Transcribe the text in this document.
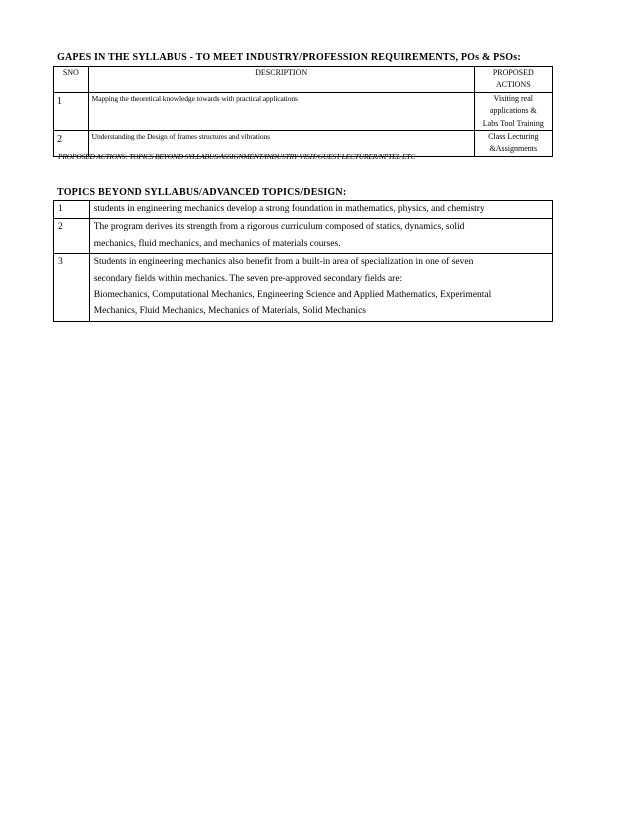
GAPES IN THE SYLLABUS - TO MEET INDUSTRY/PROFESSION REQUIREMENTS, POs & PSOs:
SNO	DESCRIPTION	PROPOSED
ACTIONS

1	Mapping the theoretical knowledge towards with practical applications	Visiting real
applications &
Labs Tool Training

2	Understanding the Design of frames structures and vibrations	Class Lecturing
&Assignments
PROPOSED ACTIONS: TOPICS BEYOND SYLLABUS/ASSIGNMENT/INDUSTRY VISIT/GUEST LECTURER/NPTEL ETC
TOPICS BEYOND SYLLABUS/ADVANCED TOPICS/DESIGN:
1	students in engineering mechanics develop a strong foundation in mathematics, physics, and chemistry

2	The program derives its strength from a rigorous curriculum composed of statics, dynamics, solid
mechanics, fluid mechanics, and mechanics of materials courses.

3	Students in engineering mechanics also benefit from a built-in area of specialization in one of seven
secondary fields within mechanics. The seven pre-approved secondary fields are:
Biomechanics, Computational Mechanics, Engineering Science and Applied Mathematics, Experimental
Mechanics, Fluid Mechanics, Mechanics of Materials, Solid Mechanics
